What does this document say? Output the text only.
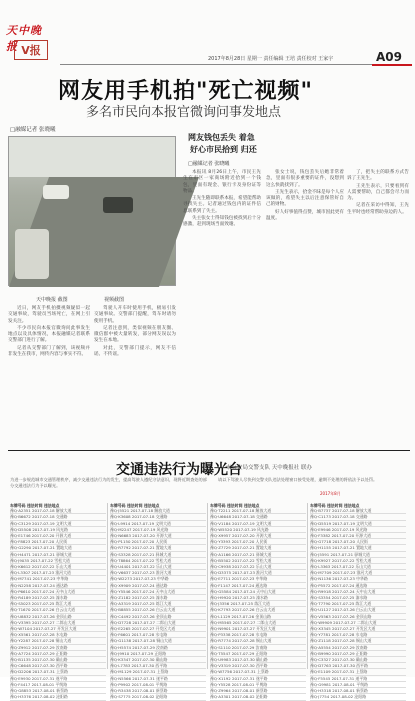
天中晚报 V报
2017年8月28日 星期一 责任编辑 王培 责任校对 王家宇	A09
网友用手机拍"死亡视频"
多名市民向本报官微询问事发地点
□融媒记者 张晓曦
天中晚报 截图	视频截图

近日，网友手机拍摄视频疑似一起交通事故，驾驶员当场死亡，在网上引发关注。

不少市民向本报官微询问此事发生地点以及具体情况，本报融媒记者联系交警部门进行了解。

记者从交警部门了解到，该视频并非发生在我市，网传内容与事实不符。

驾驶人开车时使用手机，极易引发交通事故。交警部门提醒，驾车时请勿使用手机。

记者注意到，类似视频在朋友圈、微信群中被大量转发，部分网友误以为发生在本地。

对此，交警部门提示，网友不信谣、不传谣。

网友钱包丢失 着急
好心市民拾到 归还
□融媒记者 张晓曦

本报讯 8月26日上午，市民王先生在市区一家商场附近拾到一个钱包，里面有现金、银行卡及身份证等物品。

王先生随即联系本报，希望能帮助寻找失主。记者通过钱包内的证件信息联系到了失主。

失主张女士得知钱包被找到后十分感激，赶到现场当面致谢。

张女士说，钱包丢失后她非常着急，里面有很多重要的证件，没想到这么快就找到了。

王先生表示，拾金不昧是每个人应该做的，希望失主以后注意保管好自己的财物。

好人好事值得点赞，城市因此更有温度。

了，把失主的联系方式告诉了王先生。

王先生表示，只要看到有人需要帮助，自己都会尽力而为。

记者在采访中得知，王先生平时也经常帮助身边的人。

交通违法行为曝光台
市公安局交警支队 天中晚报社 联办
为进一步规范城市交通管理秩序，减少交通违法行为的发生，提高驾驶人遵纪守法意识，现将近期查处的部分交通违法行为予以曝光。
请以下驾驶人尽快到交警支队违法处理窗口接受处理，逾期不处理的将依法予以处罚。
2017年8月
车牌号码 违法时间 违法地点
豫Q·A2351 2017-07-18 解放大道
豫Q·B6672 2017-07-18 交通路
豫Q·C3129 2017-07-19 文明大道
豫Q·D5508 2017-07-19 风光路
豫Q·E1746 2017-07-20 开源大道
豫Q·F8823 2017-07-20 人民街
豫Q·G2290 2017-07-21 置地大道
豫Q·H4471 2017-07-21 驿城大道
豫Q·J9035 2017-07-22 雪松大道
豫Q·K6612 2017-07-22 乐山大道
豫Q·L3307 2017-07-23 淮河大道
豫Q·M7741 2017-07-23 中华路
豫Q·N2258 2017-07-24 通达路
豫Q·P6610 2017-07-24 天中山大道
豫Q·R4189 2017-07-25 溱水路
豫Q·S5023 2017-07-25 练江大道
豫Q·T1670 2017-07-26 白云山大道
豫Q·U8832 2017-07-26 金顶山路
豫Q·V3395 2017-07-27 二郎山大道
豫Q·W7104 2017-07-27 开发区大道
豫Q·X5561 2017-07-28 水屯路
豫Q·Y2287 2017-07-28 铜山大道
豫Q·Z9912 2017-07-29 汝南路
豫Q·A7724 2017-07-29 正阳路
豫Q·B1135 2017-07-30 确山路
豫Q·C6648 2017-07-30 西平路
豫Q·D2206 2017-07-31 上蔡路
豫Q·E9930 2017-07-31 遂平路
豫Q·F4417 2017-08-01 平舆路
豫Q·G8853 2017-08-01 新蔡路
豫Q·H3376 2017-08-02 泌阳路
车牌号码 违法时间 违法地点
豫Q·J5521 2017-07-18 解放大道
豫Q·K3608 2017-07-18 交通路
豫Q·L9914 2017-07-19 文明大道
豫Q·M2247 2017-07-19 风光路
豫Q·N6683 2017-07-20 开源大道
豫Q·P1150 2017-07-20 人民街
豫Q·R7792 2017-07-21 置地大道
豫Q·S3328 2017-07-21 驿城大道
豫Q·T8864 2017-07-22 雪松大道
豫Q·U4401 2017-07-22 乐山大道
豫Q·V6637 2017-07-23 淮河大道
豫Q·W2273 2017-07-23 中华路
豫Q·X9909 2017-07-24 通达路
豫Q·Y5546 2017-07-24 天中山大道
豫Q·Z1182 2017-07-25 溱水路
豫Q·A3319 2017-07-25 练江大道
豫Q·B8855 2017-07-26 白云山大道
豫Q·C4492 2017-07-26 金顶山路
豫Q·D7728 2017-07-27 二郎山大道
豫Q·E2265 2017-07-27 开发区大道
豫Q·F6601 2017-07-28 水屯路
豫Q·G1138 2017-07-28 铜山大道
豫Q·H5574 2017-07-29 汝南路
豫Q·J9910 2017-07-29 正阳路
豫Q·K3347 2017-07-30 确山路
豫Q·L7783 2017-07-30 西平路
豫Q·M1129 2017-07-31 上蔡路
豫Q·N5566 2017-07-31 遂平路
豫Q·P9902 2017-08-01 平舆路
豫Q·R3438 2017-08-01 新蔡路
豫Q·S7775 2017-08-02 泌阳路
车牌号码 违法时间 违法地点
豫Q·T2211 2017-07-18 解放大道
豫Q·U6648 2017-07-18 交通路
豫Q·V1184 2017-07-19 文明大道
豫Q·W5520 2017-07-19 风光路
豫Q·X9957 2017-07-20 开源大道
豫Q·Y3393 2017-07-20 人民街
豫Q·Z7729 2017-07-21 置地大道
豫Q·A1166 2017-07-21 驿城大道
豫Q·B5502 2017-07-22 雪松大道
豫Q·C9938 2017-07-22 乐山大道
豫Q·D3375 2017-07-23 淮河大道
豫Q·E7711 2017-07-23 中华路
豫Q·F1147 2017-07-24 通达路
豫Q·G5584 2017-07-24 天中山大道
豫Q·H9920 2017-07-25 溱水路
豫Q·J3356 2017-07-25 练江大道
豫Q·K7793 2017-07-26 白云山大道
豫Q·L1129 2017-07-26 金顶山路
豫Q·M5565 2017-07-27 二郎山大道
豫Q·N9901 2017-07-27 开发区大道
豫Q·P3338 2017-07-28 水屯路
豫Q·R7774 2017-07-28 铜山大道
豫Q·S1110 2017-07-29 汝南路
豫Q·T5547 2017-07-29 正阳路
豫Q·U9983 2017-07-30 确山路
豫Q·V3319 2017-07-30 西平路
豫Q·W7756 2017-07-31 上蔡路
豫Q·X1192 2017-07-31 遂平路
豫Q·Y5528 2017-08-01 平舆路
豫Q·Z9964 2017-08-01 新蔡路
豫Q·A3301 2017-08-02 泌阳路
车牌号码 违法时间 违法地点
豫Q·B7737 2017-07-18 解放大道
豫Q·C1173 2017-07-18 交通路
豫Q·D5519 2017-07-19 文明大道
豫Q·E9946 2017-07-19 风光路
豫Q·F3382 2017-07-20 开源大道
豫Q·G7718 2017-07-20 人民街
豫Q·H1155 2017-07-21 置地大道
豫Q·J5591 2017-07-21 驿城大道
豫Q·K9927 2017-07-22 雪松大道
豫Q·L3363 2017-07-22 乐山大道
豫Q·M7709 2017-07-23 淮河大道
豫Q·N1136 2017-07-23 中华路
豫Q·P5572 2017-07-24 通达路
豫Q·R9918 2017-07-24 天中山大道
豫Q·S3354 2017-07-25 溱水路
豫Q·T7790 2017-07-25 练江大道
豫Q·U1127 2017-07-26 白云山大道
豫Q·V5563 2017-07-26 金顶山路
豫Q·W9909 2017-07-27 二郎山大道
豫Q·X3345 2017-07-27 开发区大道
豫Q·Y7781 2017-07-28 水屯路
豫Q·Z1118 2017-07-28 铜山大道
豫Q·A5554 2017-07-29 汝南路
豫Q·B9990 2017-07-29 正阳路
豫Q·C3327 2017-07-30 确山路
豫Q·D7763 2017-07-30 西平路
豫Q·E1109 2017-07-31 上蔡路
豫Q·F5545 2017-07-31 遂平路
豫Q·G9981 2017-08-01 平舆路
豫Q·H3318 2017-08-01 新蔡路
豫Q·J7754 2017-08-02 泌阳路
